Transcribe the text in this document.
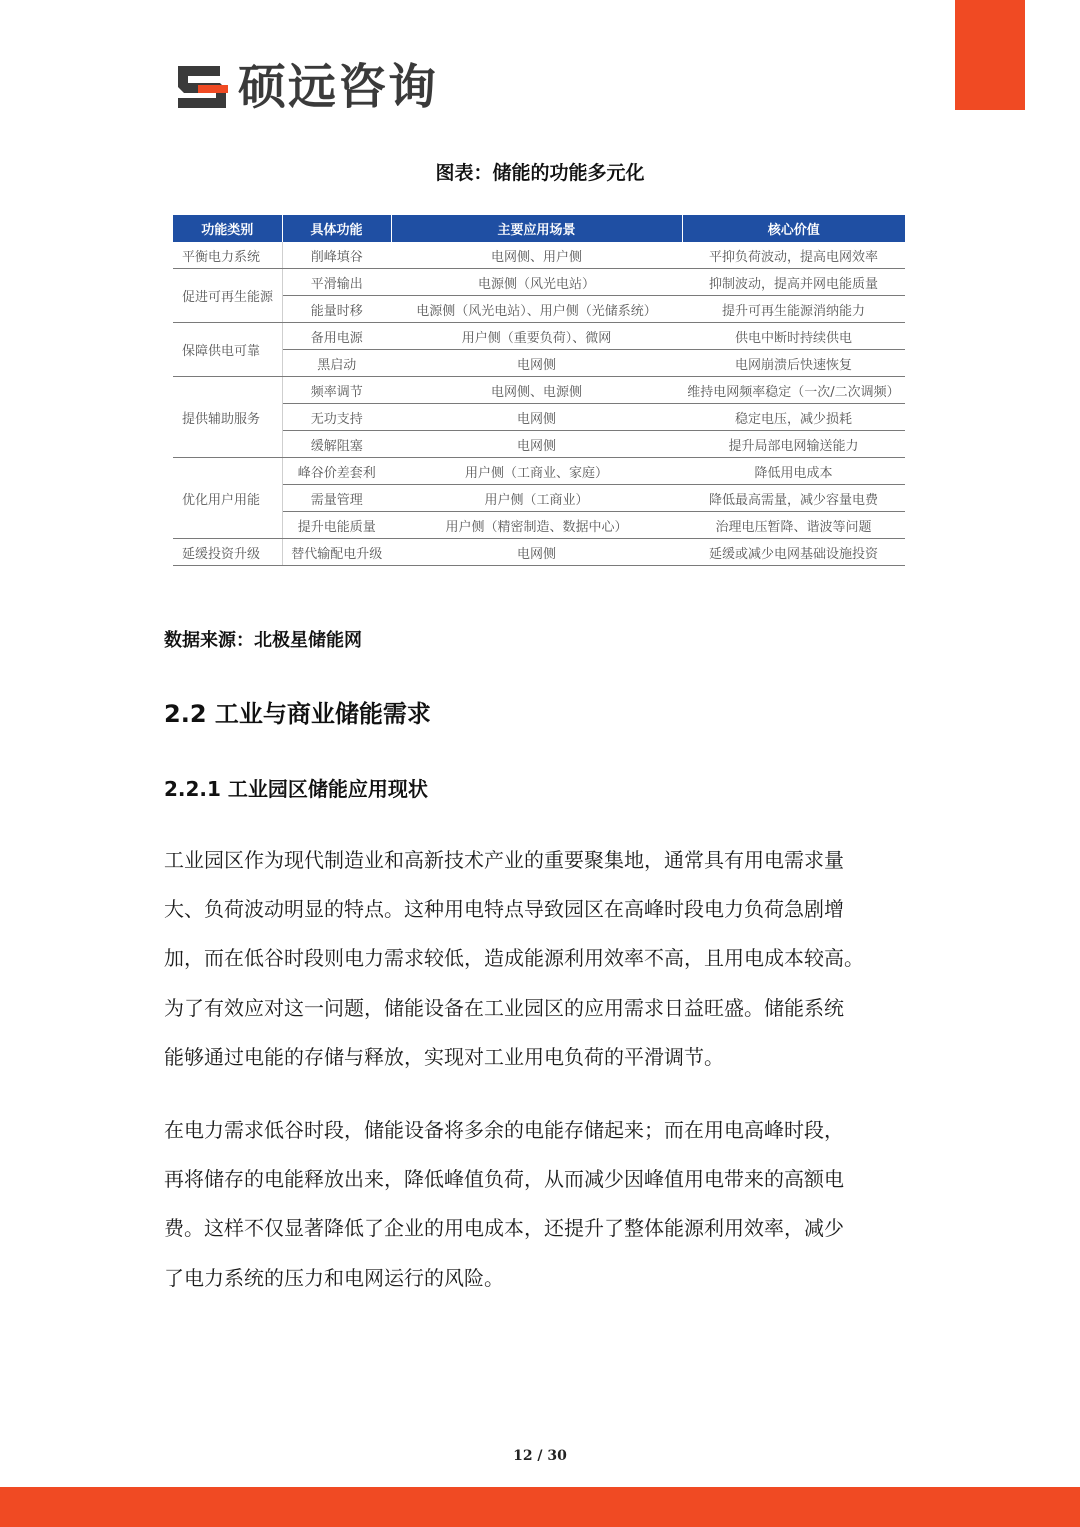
硕远咨询
图表：储能的功能多元化
功能类别	具体功能	主要应用场景	核心价值
平衡电力系统	削峰填谷	电网侧、用户侧	平抑负荷波动，提高电网效率
促进可再生能源	平滑输出	电源侧（风光电站）	抑制波动，提高并网电能质量
	能量时移	电源侧（风光电站）、用户侧（光储系统）	提升可再生能源消纳能力
保障供电可靠	备用电源	用户侧（重要负荷）、微网	供电中断时持续供电
	黑启动	电网侧	电网崩溃后快速恢复
提供辅助服务	频率调节	电网侧、电源侧	维持电网频率稳定（一次/二次调频）
	无功支持	电网侧	稳定电压，减少损耗
	缓解阻塞	电网侧	提升局部电网输送能力
优化用户用能	峰谷价差套利	用户侧（工商业、家庭）	降低用电成本
	需量管理	用户侧（工商业）	降低最高需量，减少容量电费
	提升电能质量	用户侧（精密制造、数据中心）	治理电压暂降、谐波等问题
延缓投资升级	替代输配电升级	电网侧	延缓或减少电网基础设施投资
数据来源：北极星储能网
2.2 工业与商业储能需求
2.2.1 工业园区储能应用现状
工业园区作为现代制造业和高新技术产业的重要聚集地，通常具有用电需求量
大、负荷波动明显的特点。这种用电特点导致园区在高峰时段电力负荷急剧增
加，而在低谷时段则电力需求较低，造成能源利用效率不高，且用电成本较高。
为了有效应对这一问题，储能设备在工业园区的应用需求日益旺盛。储能系统
能够通过电能的存储与释放，实现对工业用电负荷的平滑调节。
在电力需求低谷时段，储能设备将多余的电能存储起来；而在用电高峰时段，
再将储存的电能释放出来，降低峰值负荷，从而减少因峰值用电带来的高额电
费。这样不仅显著降低了企业的用电成本，还提升了整体能源利用效率，减少
了电力系统的压力和电网运行的风险。
12 / 30
